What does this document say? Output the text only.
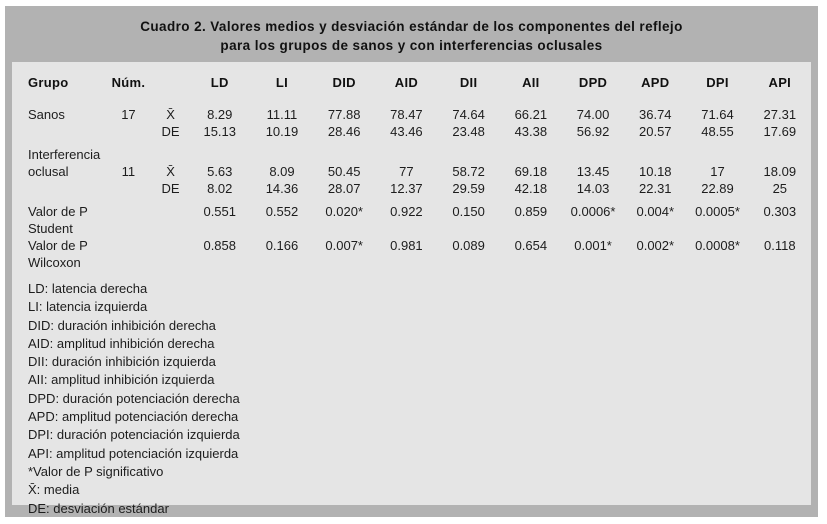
Cuadro 2. Valores medios y desviación estándar de los componentes del reflejo
para los grupos de sanos y con interferencias oclusales
Grupo	Núm.		LD	LI	DID	AID	DII	AII	DPD	APD	DPI	API
Sanos	17	X̄	8.29	11.11	77.88	78.47	74.64	66.21	74.00	36.74	71.64	27.31
		DE	15.13	10.19	28.46	43.46	23.48	43.38	56.92	20.57	48.55	17.69
Interferencia												
oclusal	11	X̄	5.63	8.09	50.45	77	58.72	69.18	13.45	10.18	17	18.09
		DE	8.02	14.36	28.07	12.37	29.59	42.18	14.03	22.31	22.89	25
Valor de P			0.551	0.552	0.020*	0.922	0.150	0.859	0.0006*	0.004*	0.0005*	0.303
Student												
Valor de P			0.858	0.166	0.007*	0.981	0.089	0.654	0.001*	0.002*	0.0008*	0.118
Wilcoxon												
LD: latencia derecha
LI: latencia izquierda
DID: duración inhibición derecha
AID: amplitud inhibición derecha
DII: duración inhibición izquierda
AII: amplitud inhibición izquierda
DPD: duración potenciación derecha
APD: amplitud potenciación derecha
DPI: duración potenciación izquierda
API: amplitud potenciación izquierda
*Valor de P significativo
X̄: media
DE: desviación estándar
